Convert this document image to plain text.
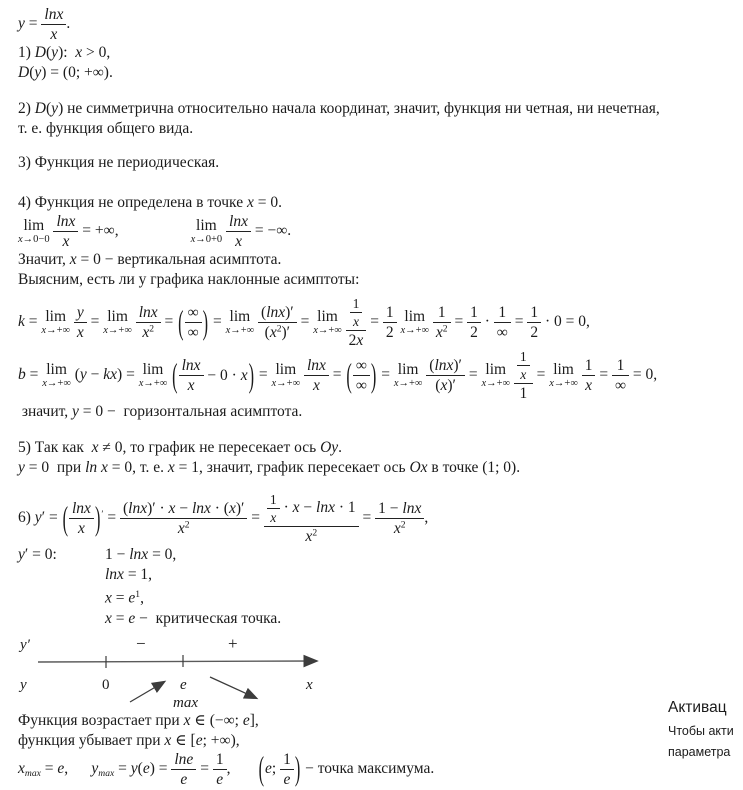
$y = \frac{\ln x}{x}$ .
1) D(y):  x > 0,
D(y) = (0; +∞).
2) D(y) не симметрична относительно начала координат, значит, функция ни четная, ни нечетная,
т. е. функция общего вида.
3) Функция не периодическая.
4) Функция не определена в точке x = 0.
lim
x→0−0
$\frac{\ln x}{x}$ = +∞,	lim
x→0+0
$\frac{\ln x}{x}$ = −∞.
Значит, x = 0 − вертикальная асимптота.
Выясним, есть ли у графика наклонные асимптоты:
k = lim
x→+∞
$\frac{y}{x} = \lim$
x→+∞
$\frac{\ln x}{x^2}$ = ( ∞
∞ ) = lim
x→+∞
$\frac{(\ln x)'}{(x^2)'} = \lim$
x→+∞
$\frac{\frac{1}{x}}{2x} = \frac{1}{2}$
lim
x→+∞
$\frac{1}{x^2} = \frac{1}{2}$ ·
1
∞
= $\frac{1}{2} \cdot 0 = 0$,
b = lim
x→+∞
(y − kx) = lim
x→+∞
( lnx
x
− 0 · x ) = lim
x→+∞
$\frac{\ln x}{x}$ = ( ∞
∞ ) = lim
x→+∞
$\frac{(\ln x)'}{(x)'} = \lim$
x→+∞
$\frac{\frac{1}{x}}{1} = \lim$
x→+∞
$\frac{1}{x}$ =
1
∞
= 0,
значит, y = 0 −  горизонтальная асимптота.
5) Так как  x ≠ 0, то график не пересекает ось Oy.
y = 0  при ln x = 0, т. е. x = 1, значит, график пересекает ось Ox в точке (1; 0).
6) y′ = ( lnx
x ) $' = \frac{(\ln x)' \cdot x - \ln x \cdot (x)'}{x^2} = \frac{\frac{1}{x} \cdot x - \ln x \cdot 1}{x^2} = \frac{1 - \ln x}{x^2}$ ,
y′ = 0:	1 − lnx = 0,
lnx = 1,
$x = e^1$,
x = e −  критическая точка.
y′	−	+
y	0	e	x
max
Функция возрастает при x ∈ (−∞; e],
функция убывает при x ∈ [e; +∞),
$x_{max} = e$,      $y_{max} = y(e) = \frac{\ln e}{e} = \frac{1}{e}$ , ( e ;
1
e ) − точка максимума.
Активац
Чтобы акти
параметра
